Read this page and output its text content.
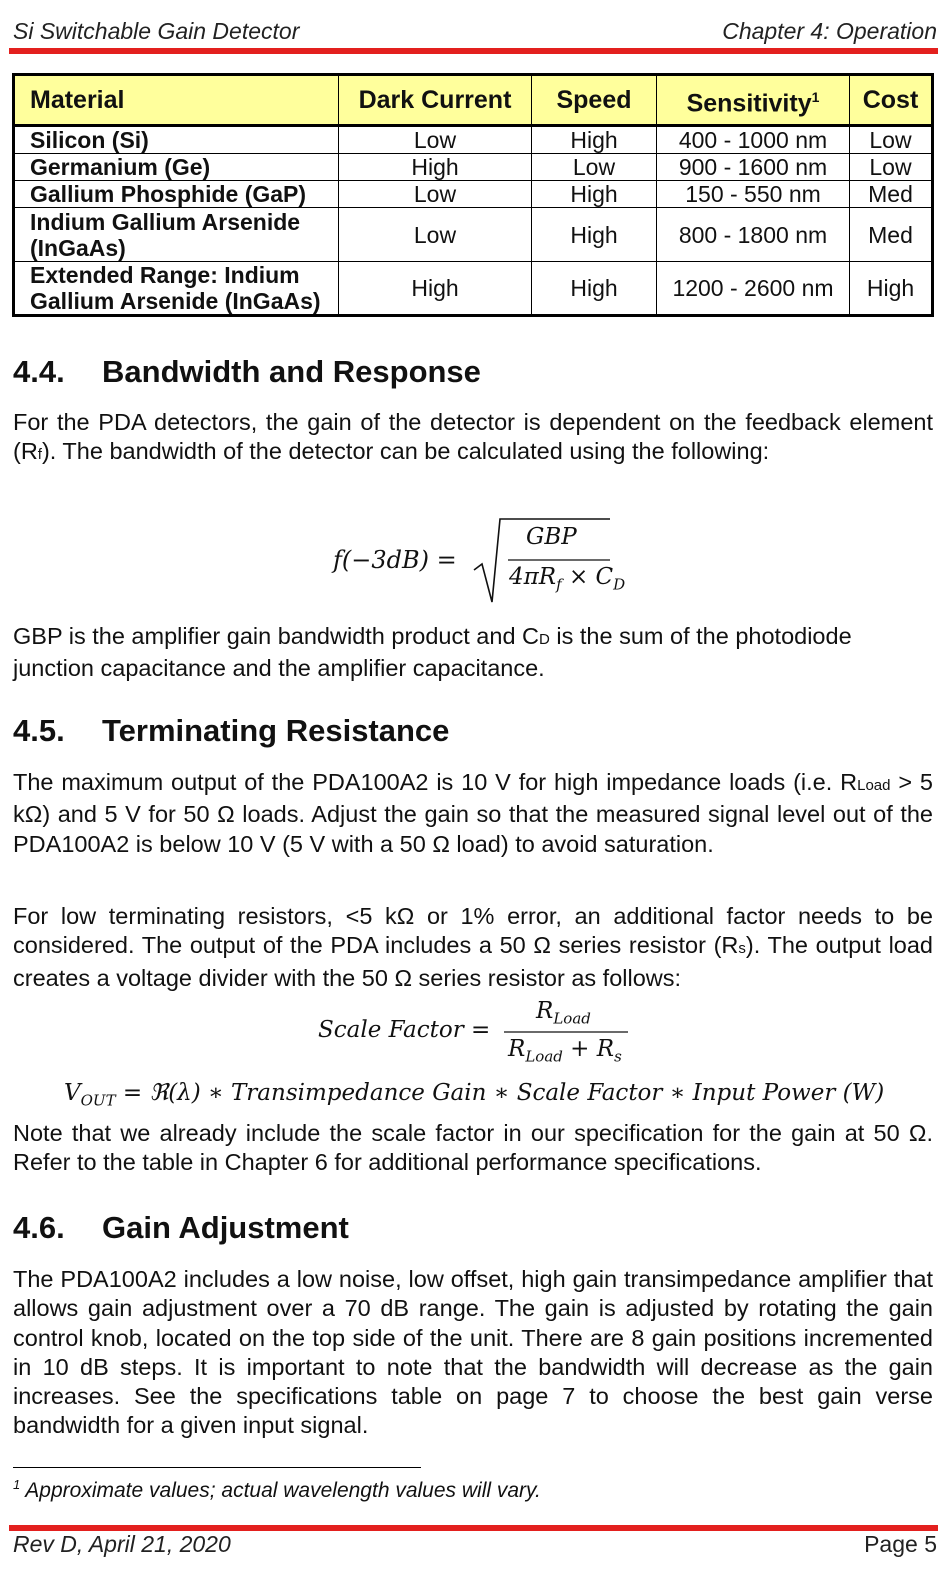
Si Switchable Gain Detector	Chapter 4: Operation
Material	Dark Current	Speed	Sensitivity$^1$	Cost
Silicon (Si)	Low	High	400 - 1000 nm	Low
Germanium (Ge)	High	Low	900 - 1600 nm	Low
Gallium Phosphide (GaP)	Low	High	150 - 550 nm	Med
Indium Gallium Arsenide (InGaAs)	Low	High	800 - 1800 nm	Med
Extended Range: Indium Gallium Arsenide (InGaAs)	High	High	1200 - 2600 nm	High
4.4. Bandwidth and Response
For the PDA detectors, the gain of the detector is dependent on the feedback element (Rf). The bandwidth of the detector can be calculated using the following:
f(−3dB) =
GBP
$4\pi R_f \times C_D$
GBP is the amplifier gain bandwidth product and CD is the sum of the photodiode junction capacitance and the amplifier capacitance.
4.5. Terminating Resistance
The maximum output of the PDA100A2 is 10 V for high impedance loads (i.e. RLoad > 5 kΩ) and 5 V for 50 Ω loads. Adjust the gain so that the measured signal level out of the PDA100A2 is below 10 V (5 V with a 50 Ω load) to avoid saturation.
For low terminating resistors, <5 kΩ or 1% error, an additional factor needs to be considered. The output of the PDA includes a 50 Ω series resistor (Rs). The output load creates a voltage divider with the 50 Ω series resistor as follows:
Scale Factor =
$R_{Load}$
$R_{Load} + R_s$
$V_{OUT}$ = ℜ(λ) ∗ Transimpedance Gain ∗ Scale Factor ∗ Input Power (W)
Note that we already include the scale factor in our specification for the gain at 50 Ω. Refer to the table in Chapter 6 for additional performance specifications.
4.6. Gain Adjustment
The PDA100A2 includes a low noise, low offset, high gain transimpedance amplifier that allows gain adjustment over a 70 dB range. The gain is adjusted by rotating the gain control knob, located on the top side of the unit. There are 8 gain positions incremented in 10 dB steps. It is important to note that the bandwidth will decrease as the gain increases. See the specifications table on page 7 to choose the best gain verse bandwidth for a given input signal.
$^1$ Approximate values; actual wavelength values will vary.
Rev D, April 21, 2020	Page 5
